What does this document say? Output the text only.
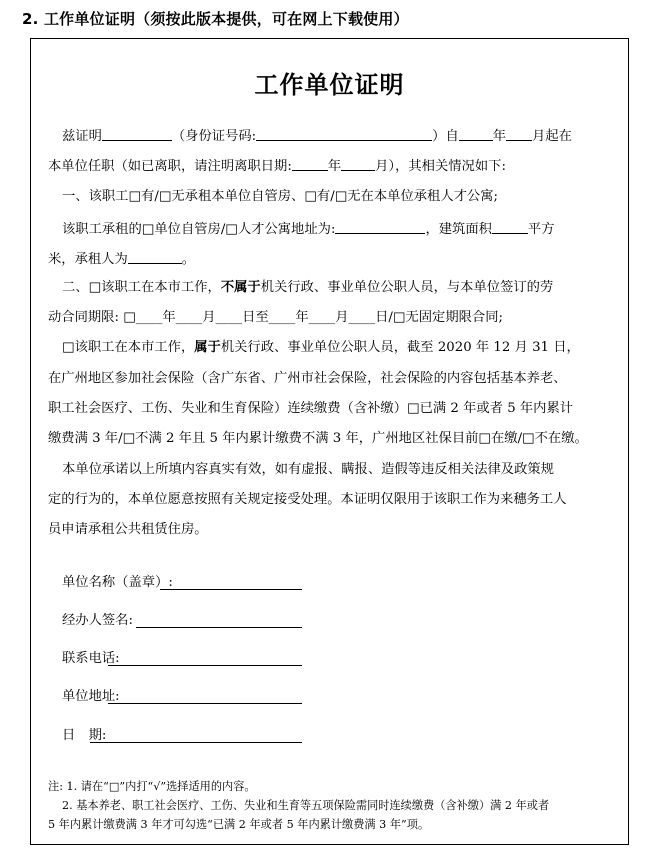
2. 工作单位证明（须按此版本提供，可在网上下载使用）
工作单位证明
兹证明	（身份证号码:	）自	年 月起在
本单位任职（如已离职，请注明离职日期:	年	月），其相关情况如下:
一、该职工□有/□无承租本单位自管房、□有/□无在本单位承租人才公寓;
该职工承租的□单位自管房/□人才公寓地址为:	，建筑面积	平方
米，承租人为	。
二、□该职工在本市工作，不属于机关行政、事业单位公职人员，与本单位签订的劳
动合同期限: □____年____月____日至____年____月____日/□无固定期限合同;
□该职工在本市工作，属于机关行政、事业单位公职人员，截至 2020 年 12 月 31 日，
在广州地区参加社会保险（含广东省、广州市社会保险，社会保险的内容包括基本养老、
职工社会医疗、工伤、失业和生育保险）连续缴费（含补缴）□已满 2 年或者 5 年内累计
缴费满 3 年/□不满 2 年且 5 年内累计缴费不满 3 年，广州地区社保目前□在缴/□不在缴。
本单位承诺以上所填内容真实有效，如有虚报、瞒报、造假等违反相关法律及政策规
定的行为的，本单位愿意按照有关规定接受处理。本证明仅限用于该职工作为来穗务工人
员申请承租公共租赁住房。
单位名称（盖章）:
经办人签名:
联系电话:
单位地址:
日　期:
注: 1. 请在“□”内打“√”选择适用的内容。
2. 基本养老、职工社会医疗、工伤、失业和生育等五项保险需同时连续缴费（含补缴）满 2 年或者
5 年内累计缴费满 3 年才可勾选“已满 2 年或者 5 年内累计缴费满 3 年”项。
